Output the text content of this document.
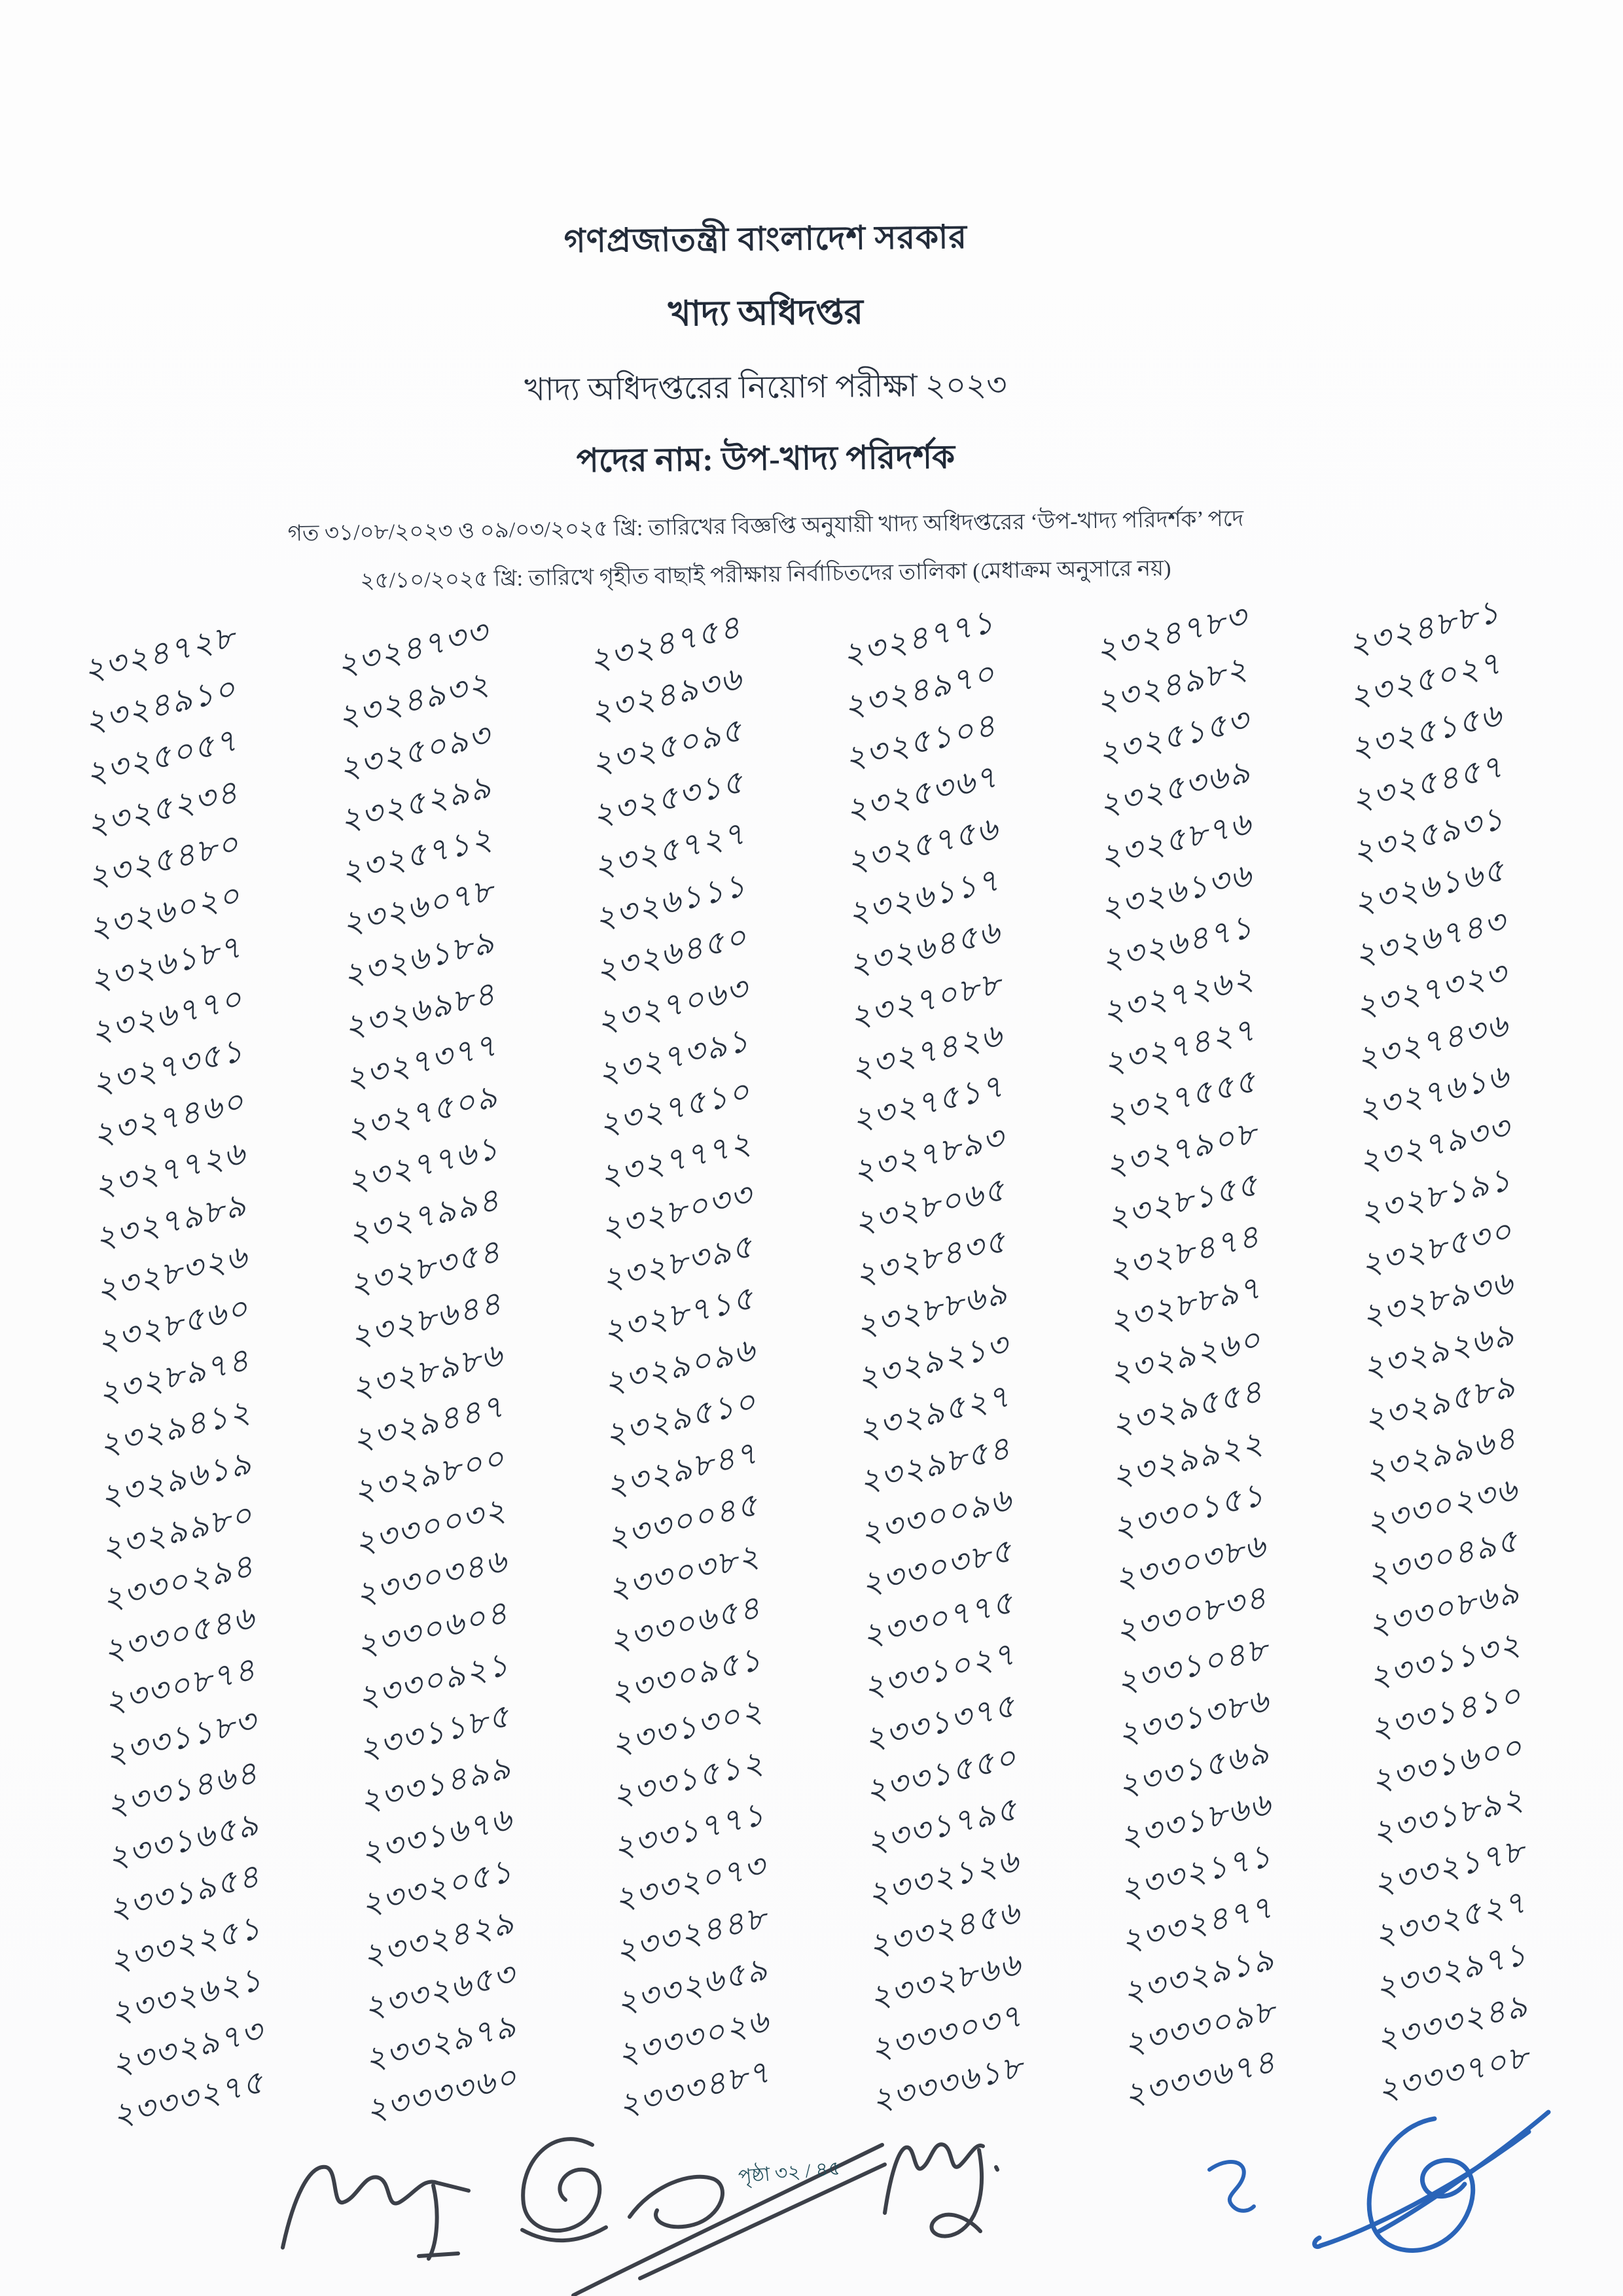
গণপ্রজাতন্ত্রী বাংলাদেশ সরকার
খাদ্য অধিদপ্তর
খাদ্য অধিদপ্তরের নিয়োগ পরীক্ষা ২০২৩
পদের নাম: উপ-খাদ্য পরিদর্শক
গত ৩১/০৮/২০২৩ ও ০৯/০৩/২০২৫ খ্রি: তারিখের বিজ্ঞপ্তি অনুযায়ী খাদ্য অধিদপ্তরের ‘উপ-খাদ্য পরিদর্শক’ পদে
২৫/১০/২০২৫ খ্রি: তারিখে গৃহীত বাছাই পরীক্ষায় নির্বাচিতদের তালিকা (মেধাক্রম অনুসারে নয়)
২৩২৪৭২৮	২৩২৪৭৩৩	২৩২৪৭৫৪	২৩২৪৭৭১	২৩২৪৭৮৩	২৩২৪৮৮১
২৩২৪৯১০	২৩২৪৯৩২	২৩২৪৯৩৬	২৩২৪৯৭০	২৩২৪৯৮২	২৩২৫০২৭
২৩২৫০৫৭	২৩২৫০৯৩	২৩২৫০৯৫	২৩২৫১০৪	২৩২৫১৫৩	২৩২৫১৫৬
২৩২৫২৩৪	২৩২৫২৯৯	২৩২৫৩১৫	২৩২৫৩৬৭	২৩২৫৩৬৯	২৩২৫৪৫৭
২৩২৫৪৮০	২৩২৫৭১২	২৩২৫৭২৭	২৩২৫৭৫৬	২৩২৫৮৭৬	২৩২৫৯৩১
২৩২৬০২০	২৩২৬০৭৮	২৩২৬১১১	২৩২৬১১৭	২৩২৬১৩৬	২৩২৬১৬৫
২৩২৬১৮৭	২৩২৬১৮৯	২৩২৬৪৫০	২৩২৬৪৫৬	২৩২৬৪৭১	২৩২৬৭৪৩
২৩২৬৭৭০	২৩২৬৯৮৪	২৩২৭০৬৩	২৩২৭০৮৮	২৩২৭২৬২	২৩২৭৩২৩
২৩২৭৩৫১	২৩২৭৩৭৭	২৩২৭৩৯১	২৩২৭৪২৬	২৩২৭৪২৭	২৩২৭৪৩৬
২৩২৭৪৬০	২৩২৭৫০৯	২৩২৭৫১০	২৩২৭৫১৭	২৩২৭৫৫৫	২৩২৭৬১৬
২৩২৭৭২৬	২৩২৭৭৬১	২৩২৭৭৭২	২৩২৭৮৯৩	২৩২৭৯০৮	২৩২৭৯৩৩
২৩২৭৯৮৯	২৩২৭৯৯৪	২৩২৮০৩৩	২৩২৮০৬৫	২৩২৮১৫৫	২৩২৮১৯১
২৩২৮৩২৬	২৩২৮৩৫৪	২৩২৮৩৯৫	২৩২৮৪৩৫	২৩২৮৪৭৪	২৩২৮৫৩০
২৩২৮৫৬০	২৩২৮৬৪৪	২৩২৮৭১৫	২৩২৮৮৬৯	২৩২৮৮৯৭	২৩২৮৯৩৬
২৩২৮৯৭৪	২৩২৮৯৮৬	২৩২৯০৯৬	২৩২৯২১৩	২৩২৯২৬০	২৩২৯২৬৯
২৩২৯৪১২	২৩২৯৪৪৭	২৩২৯৫১০	২৩২৯৫২৭	২৩২৯৫৫৪	২৩২৯৫৮৯
২৩২৯৬১৯	২৩২৯৮০০	২৩২৯৮৪৭	২৩২৯৮৫৪	২৩২৯৯২২	২৩২৯৯৬৪
২৩২৯৯৮০	২৩৩০০৩২	২৩৩০০৪৫	২৩৩০০৯৬	২৩৩০১৫১	২৩৩০২৩৬
২৩৩০২৯৪	২৩৩০৩৪৬	২৩৩০৩৮২	২৩৩০৩৮৫	২৩৩০৩৮৬	২৩৩০৪৯৫
২৩৩০৫৪৬	২৩৩০৬০৪	২৩৩০৬৫৪	২৩৩০৭৭৫	২৩৩০৮৩৪	২৩৩০৮৬৯
২৩৩০৮৭৪	২৩৩০৯২১	২৩৩০৯৫১	২৩৩১০২৭	২৩৩১০৪৮	২৩৩১১৩২
২৩৩১১৮৩	২৩৩১১৮৫	২৩৩১৩০২	২৩৩১৩৭৫	২৩৩১৩৮৬	২৩৩১৪১০
২৩৩১৪৬৪	২৩৩১৪৯৯	২৩৩১৫১২	২৩৩১৫৫০	২৩৩১৫৬৯	২৩৩১৬০০
২৩৩১৬৫৯	২৩৩১৬৭৬	২৩৩১৭৭১	২৩৩১৭৯৫	২৩৩১৮৬৬	২৩৩১৮৯২
২৩৩১৯৫৪	২৩৩২০৫১	২৩৩২০৭৩	২৩৩২১২৬	২৩৩২১৭১	২৩৩২১৭৮
২৩৩২২৫১	২৩৩২৪২৯	২৩৩২৪৪৮	২৩৩২৪৫৬	২৩৩২৪৭৭	২৩৩২৫২৭
২৩৩২৬২১	২৩৩২৬৫৩	২৩৩২৬৫৯	২৩৩২৮৬৬	২৩৩২৯১৯	২৩৩২৯৭১
২৩৩২৯৭৩	২৩৩২৯৭৯	২৩৩৩০২৬	২৩৩৩০৩৭	২৩৩৩০৯৮	২৩৩৩২৪৯
২৩৩৩২৭৫	২৩৩৩৩৬০	২৩৩৩৪৮৭	২৩৩৩৬১৮	২৩৩৩৬৭৪	২৩৩৩৭০৮
পৃষ্ঠা ৩২ / ৪৫
